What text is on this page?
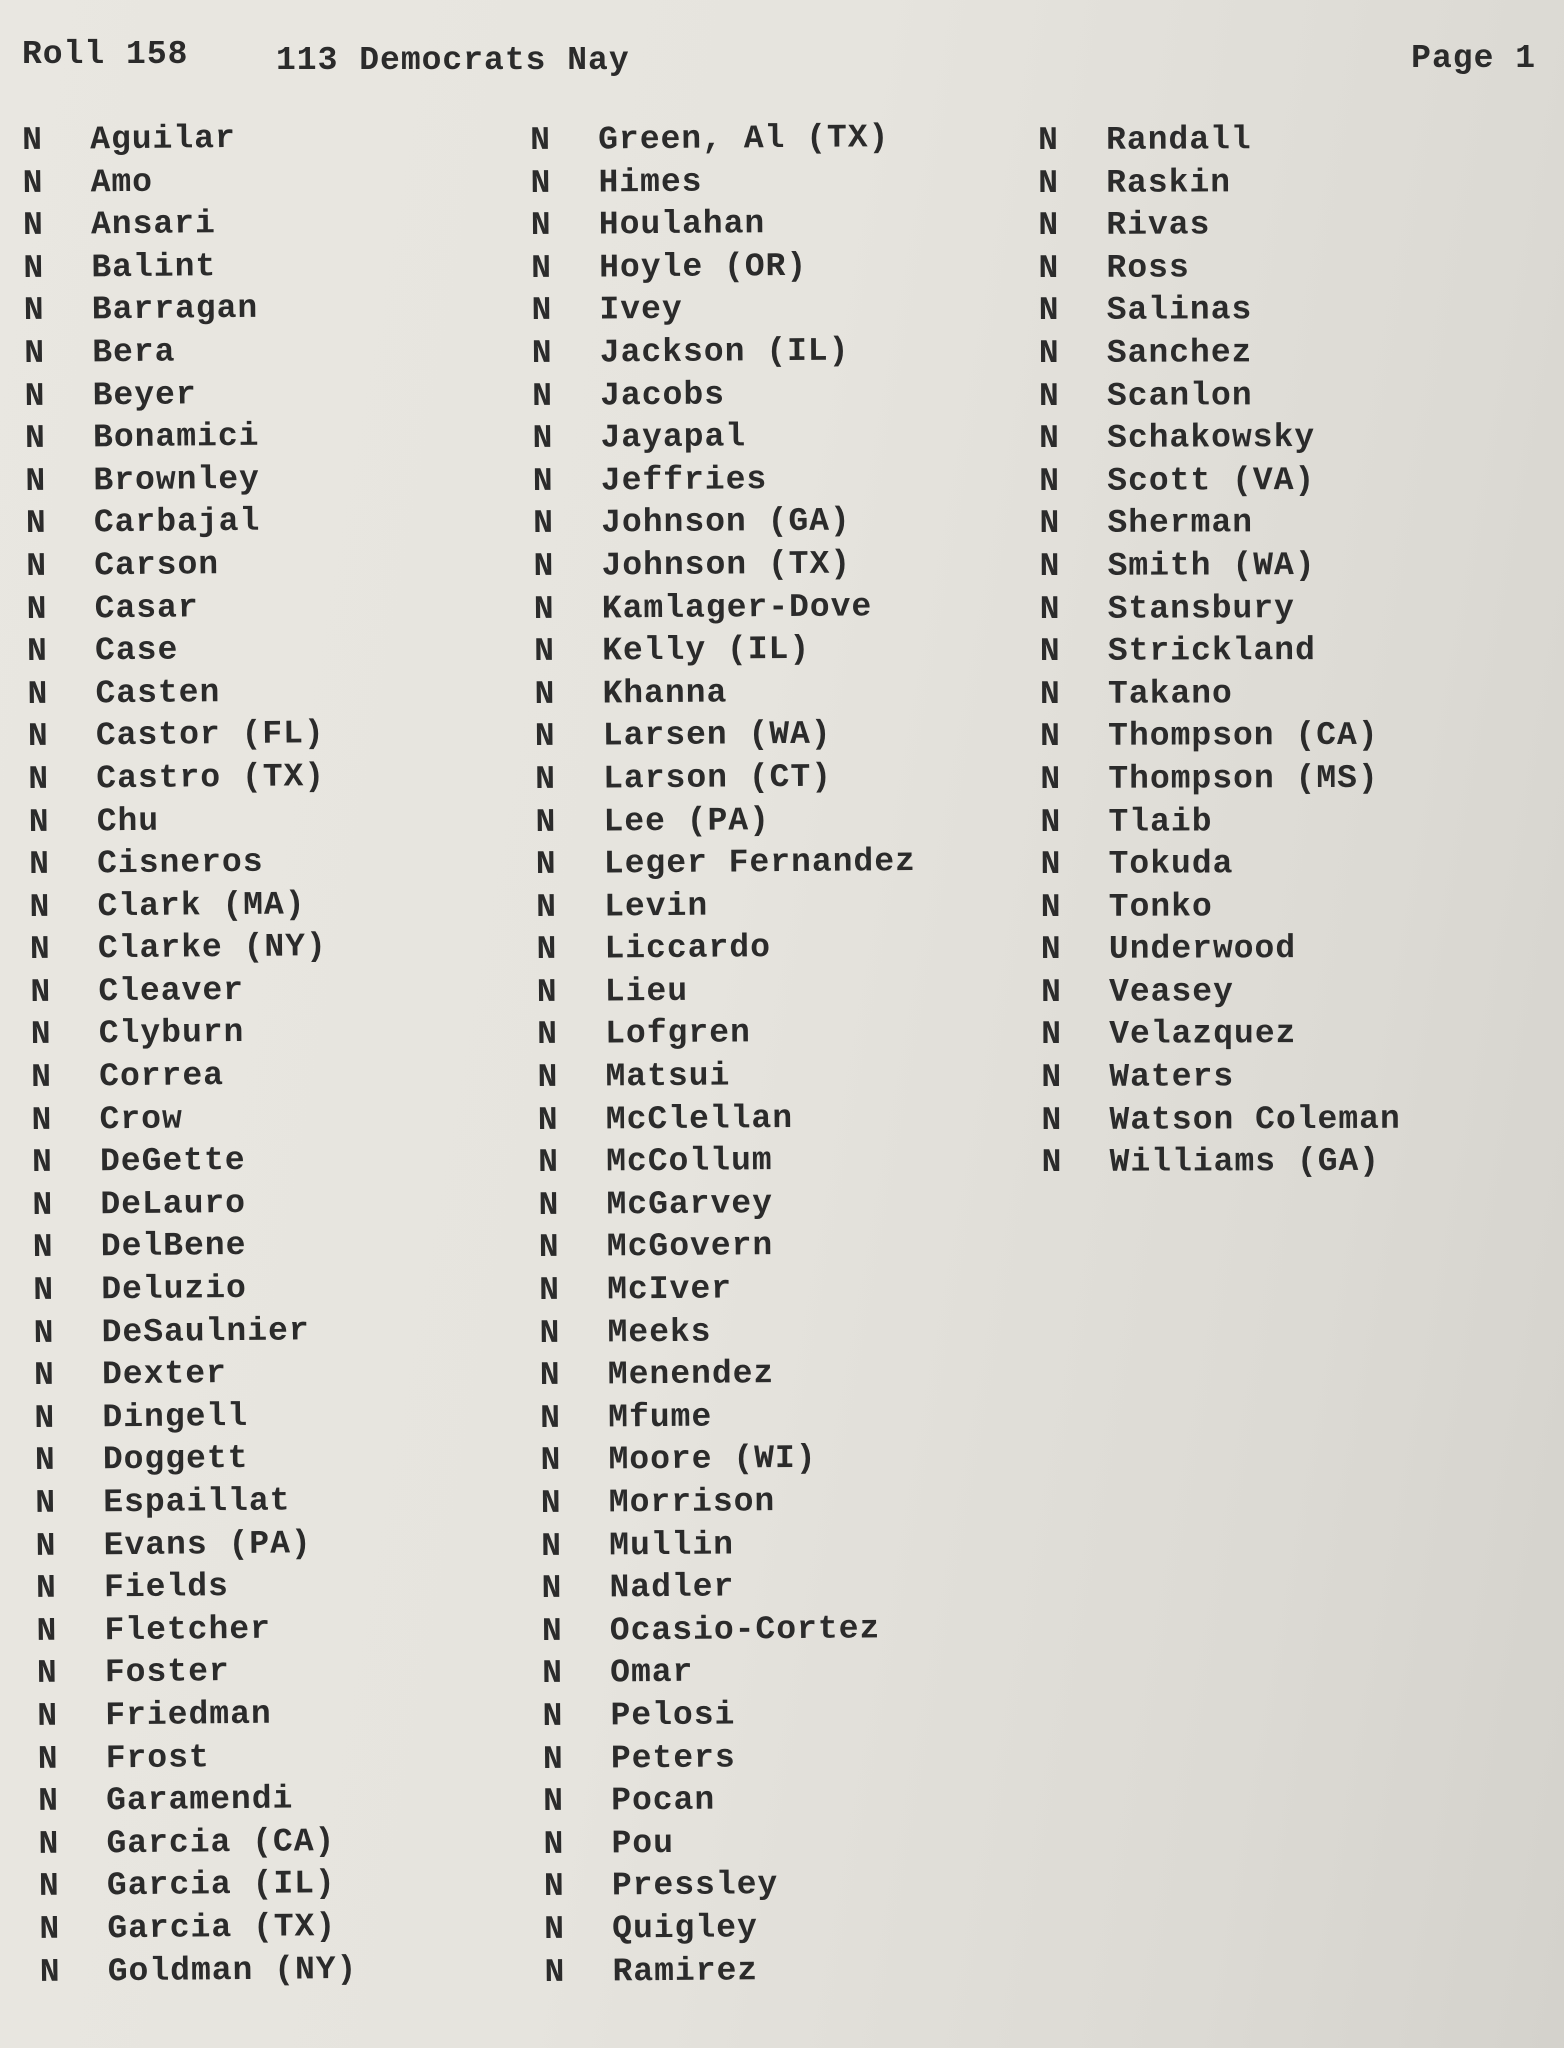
Roll 158	113 Democrats Nay	Page 1
N Aguilar
N Amo
N Ansari
N Balint
N Barragan
N Bera
N Beyer
N Bonamici
N Brownley
N Carbajal
N Carson
N Casar
N Case
N Casten
N Castor (FL)
N Castro (TX)
N Chu
N Cisneros
N Clark (MA)
N Clarke (NY)
N Cleaver
N Clyburn
N Correa
N Crow
N DeGette
N DeLauro
N DelBene
N Deluzio
N DeSaulnier
N Dexter
N Dingell
N Doggett
N Espaillat
N Evans (PA)
N Fields
N Fletcher
N Foster
N Friedman
N Frost
N Garamendi
N Garcia (CA)
N Garcia (IL)
N Garcia (TX)
N Goldman (NY)
N Green, Al (TX)
N Himes
N Houlahan
N Hoyle (OR)
N Ivey
N Jackson (IL)
N Jacobs
N Jayapal
N Jeffries
N Johnson (GA)
N Johnson (TX)
N Kamlager-Dove
N Kelly (IL)
N Khanna
N Larsen (WA)
N Larson (CT)
N Lee (PA)
N Leger Fernandez
N Levin
N Liccardo
N Lieu
N Lofgren
N Matsui
N McClellan
N McCollum
N McGarvey
N McGovern
N McIver
N Meeks
N Menendez
N Mfume
N Moore (WI)
N Morrison
N Mullin
N Nadler
N Ocasio-Cortez
N Omar
N Pelosi
N Peters
N Pocan
N Pou
N Pressley
N Quigley
N Ramirez
N Randall
N Raskin
N Rivas
N Ross
N Salinas
N Sanchez
N Scanlon
N Schakowsky
N Scott (VA)
N Sherman
N Smith (WA)
N Stansbury
N Strickland
N Takano
N Thompson (CA)
N Thompson (MS)
N Tlaib
N Tokuda
N Tonko
N Underwood
N Veasey
N Velazquez
N Waters
N Watson Coleman
N Williams (GA)
